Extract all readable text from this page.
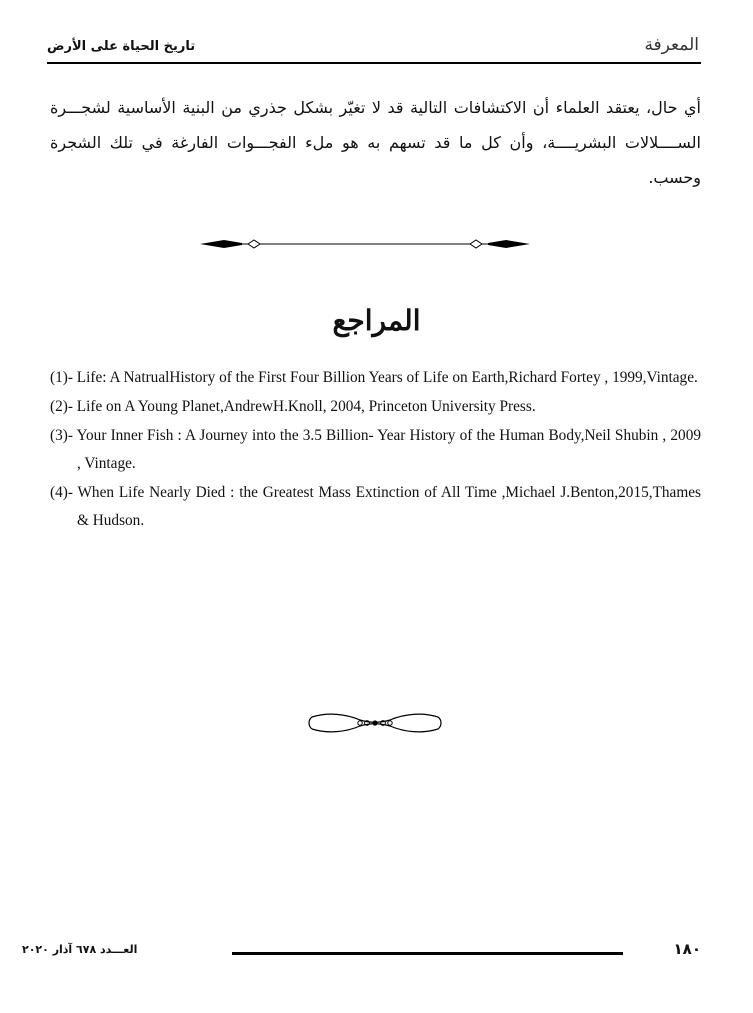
تاريخ الحياة على الأرض	المعرفة
أي حال، يعتقد العلماء أن الاكتشافات التالية قد لا تغيّر بشكل جذري من البنية الأساسية لشجـــرة الســــلالات البشريــــة، وأن كل ما قد تسهم به هو ملء الفجـــوات الفارغة في تلك الشجرة وحسب.
المراجع
(1)- Life: A NatrualHistory of the First Four Billion Years of Life on Earth,Richard Fortey , 1999,Vintage.
(2)- Life on A Young Planet,AndrewH.Knoll, 2004, Princeton University Press.
(3)- Your Inner Fish : A Journey into the 3.5 Billion- Year History of the Human Body,Neil Shubin , 2009 , Vintage.
(4)- When Life Nearly Died : the Greatest Mass Extinction of All Time ,Michael J.Benton,2015,Thames & Hudson.
العـــدد ٦٧٨ آذار ٢٠٢٠	١٨٠
